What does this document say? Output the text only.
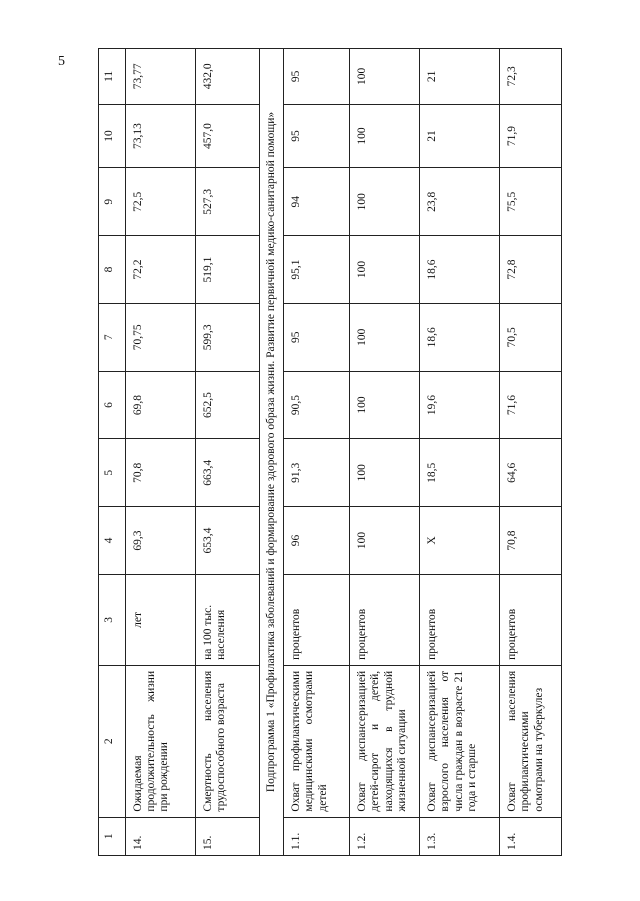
5
1	2	3	4	5	6	7	8	9	10	11
14.	Ожидаемая продолжительность жизни при рождении	лет	69,3	70,8	69,8	70,75	72,2	72,5	73,13	73,77
15.	Смертность населения трудоспособного возраста	на 100 тыс. населения	653,4	663,4	652,5	599,3	519,1	527,3	457,0	432,0
Подпрограмма 1 «Профилактика заболеваний и формирование здорового образа жизни. Развитие первичной медико-санитарной помощи»										
1.1.	Охват профилактическими медицинскими осмотрами детей	процентов	96	91,3	90,5	95	95,1	94	95	95
1.2.	Охват диспансеризацией детей-сирот и детей, находящихся в трудной жизненной ситуации	процентов	100	100	100	100	100	100	100	100
1.3.	Охват диспансеризацией взрослого населения от числа граждан в возрасте 21 года и старше	процентов	X	18,5	19,6	18,6	18,6	23,8	21	21
1.4.	Охват населения профилактическими осмотрами на туберкулез	процентов	70,8	64,6	71,6	70,5	72,8	75,5	71,9	72,3
